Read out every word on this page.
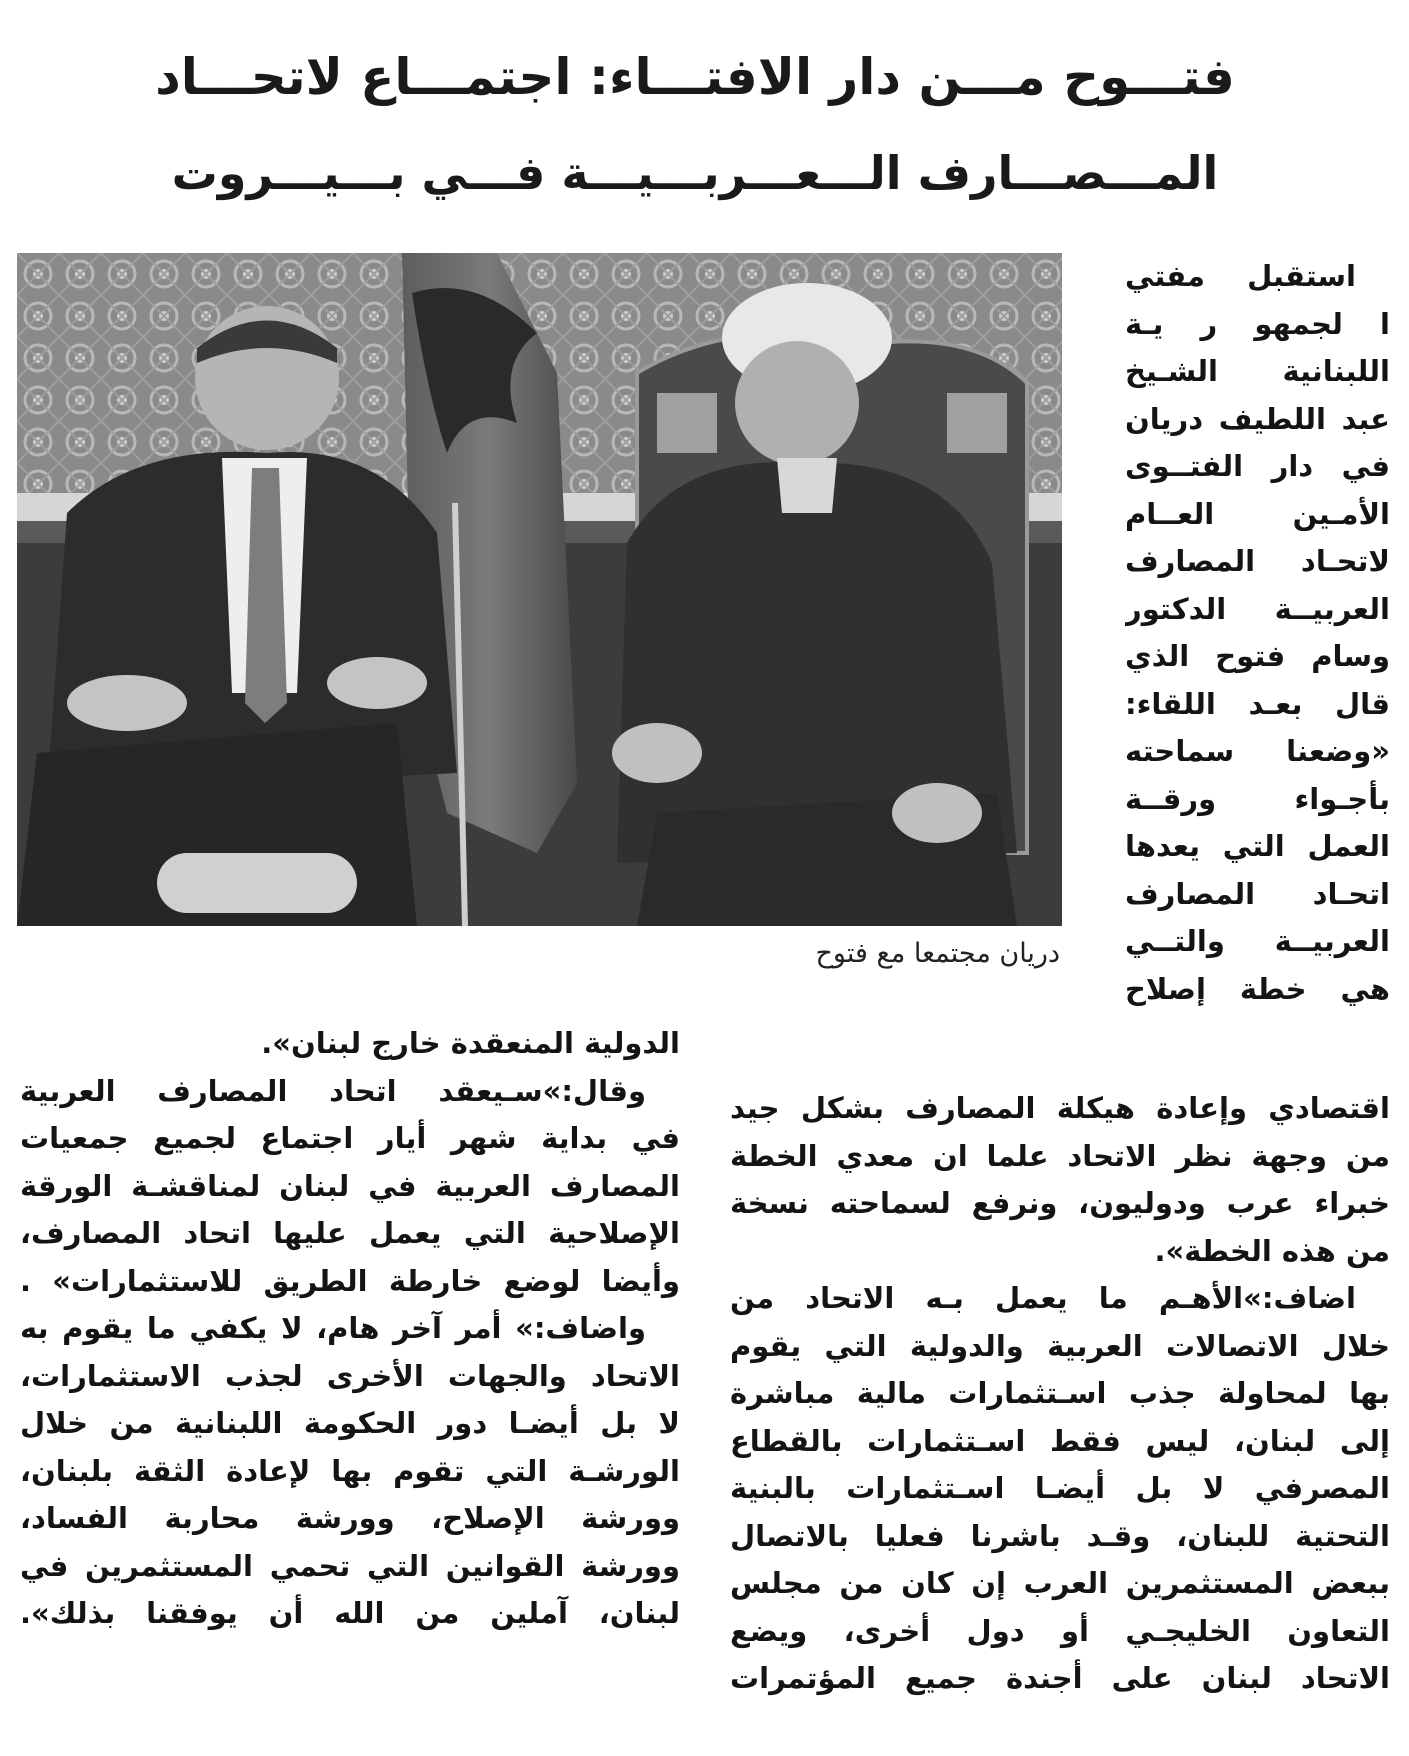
فتـــوح مـــن دار الافتـــاء: اجتمـــاع لاتحـــاد
المـــصـــارف الـــعـــربـــيـــة فـــي بـــيـــروت
دريان مجتمعا مع فتوح
استقبل مفتي
ا لجمهو ر يـة
اللبنانية الشـيخ
عبد اللطيف دريان
في دار الفتــوى
الأمـين العــام
لاتحـاد المصارف
العربيــة الدكتور
وسام فتوح الذي
قال بعـد اللقاء:
«وضعنا سماحته
بأجـواء ورقــة
العمل التي يعدها
اتحـاد المصارف
العربيــة والتــي
هي خطة إصلاح
اقتصادي وإعادة هيكلة المصارف بشكل جيد
من وجهة نظر الاتحاد علما ان معدي الخطة
خبراء عرب ودوليون، ونرفع لسماحته نسخة
من هذه الخطة».
اضاف:»الأهـم ما يعمل بـه الاتحاد من
خلال الاتصالات العربية والدولية التي يقوم
بها لمحاولة جذب اسـتثمارات مالية مباشرة
إلى لبنان، ليس فقط اسـتثمارات بالقطاع
المصرفي لا بل أيضـا اسـتثمارات بالبنية
التحتية للبنان، وقـد باشرنا فعليا بالاتصال
ببعض المستثمرين العرب إن كان من مجلس
التعاون الخليجـي أو دول أخرى، ويضع
الاتحاد لبنان على أجندة جميع المؤتمرات
الدولية المنعقدة خارج لبنان».
وقال:»سـيعقد اتحاد المصارف العربية
في بداية شهر أيار اجتماع لجميع جمعيات
المصارف العربية في لبنان لمناقشـة الورقة
الإصلاحية التي يعمل عليها اتحاد المصارف،
وأيضا لوضع خارطة الطريق للاستثمارات» .
واضاف:» أمر آخر هام، لا يكفي ما يقوم به
الاتحاد والجهات الأخرى لجذب الاستثمارات،
لا بل أيضـا دور الحكومة اللبنانية من خلال
الورشـة التي تقوم بها لإعادة الثقة بلبنان،
وورشة الإصلاح، وورشة محاربة الفساد،
وورشة القوانين التي تحمي المستثمرين في
لبنان، آملين من الله أن يوفقنا بذلك».
